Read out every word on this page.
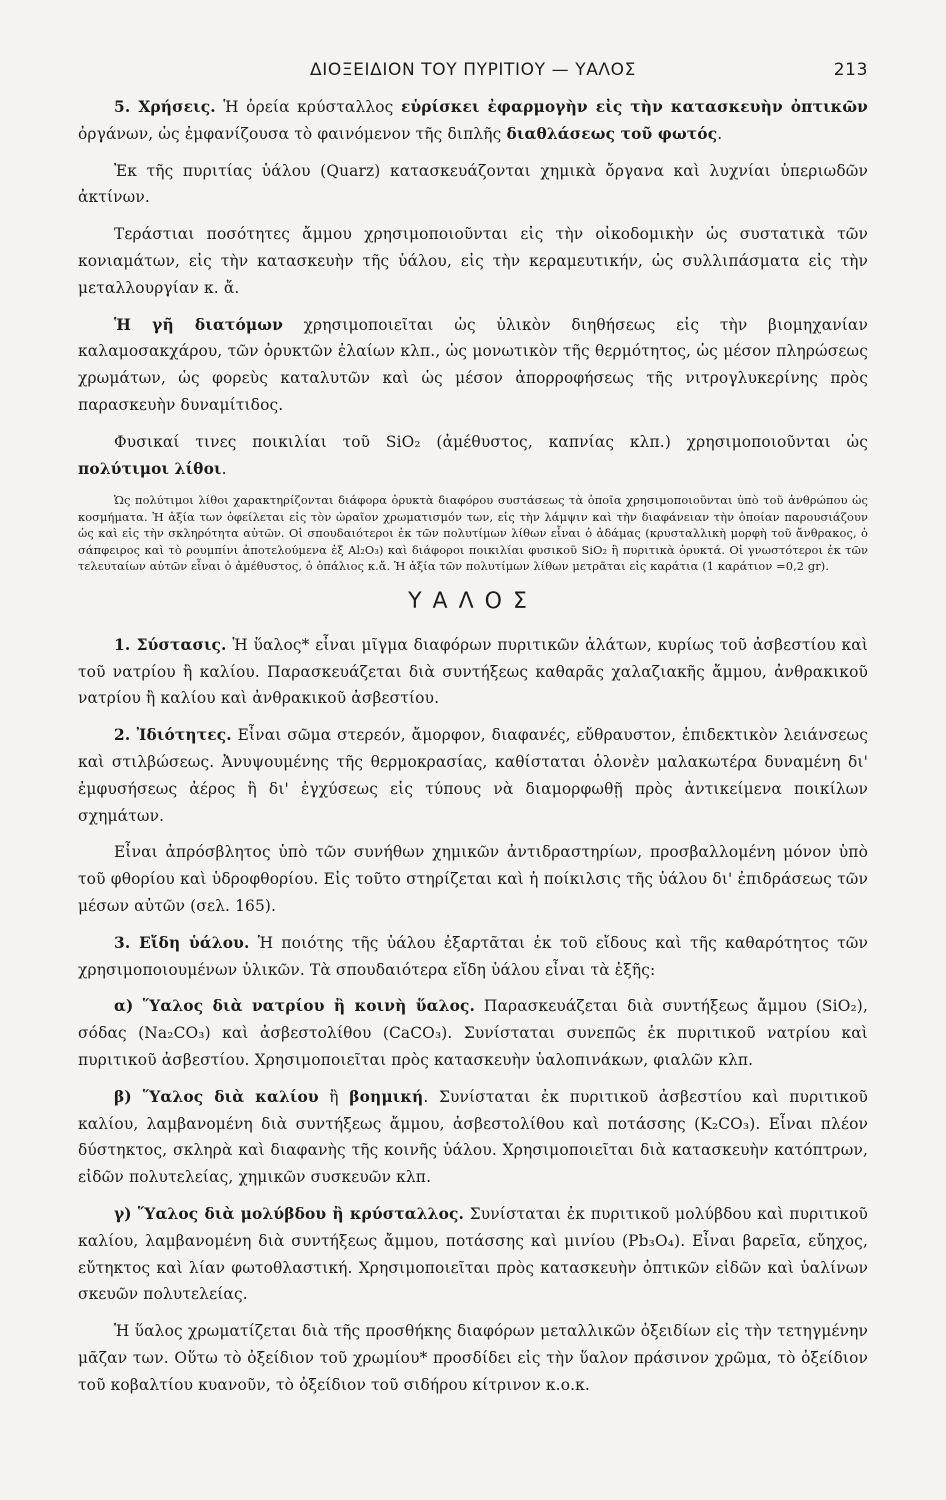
ΔΙΟΞΕΙΔΙΟΝ ΤΟΥ ΠΥΡΙΤΙΟΥ — ΥΑΛΟΣ	213

5. Χρήσεις. Ἡ ὀρεία κρύσταλλος εὑρίσκει ἐφαρμογὴν εἰς τὴν κατασκευὴν ὀπτικῶν ὀργάνων, ὡς ἐμφανίζουσα τὸ φαινόμενον τῆς διπλῆς διαθλάσεως τοῦ φωτός.

Ἐκ τῆς πυριτίας ὑάλου (Quarz) κατασκευάζονται χημικὰ ὄργανα καὶ λυχνίαι ὑπεριωδῶν ἀκτίνων.

Τεράστιαι ποσότητες ἄμμου χρησιμοποιοῦνται εἰς τὴν οἰκοδομικὴν ὡς συστατικὰ τῶν κονιαμάτων, εἰς τὴν κατασκευὴν τῆς ὑάλου, εἰς τὴν κεραμευτικήν, ὡς συλλιπάσματα εἰς τὴν μεταλλουργίαν κ. ἄ.

Ἡ γῆ διατόμων χρησιμοποιεῖται ὡς ὑλικὸν διηθήσεως εἰς τὴν βιομηχανίαν καλαμοσακχάρου, τῶν ὀρυκτῶν ἐλαίων κλπ., ὡς μονωτικὸν τῆς θερμότητος, ὡς μέσον πληρώσεως χρωμάτων, ὡς φορεὺς καταλυτῶν καὶ ὡς μέσον ἀπορροφήσεως τῆς νιτρογλυκερίνης πρὸς παρασκευὴν δυναμίτιδος.

Φυσικαί τινες ποικιλίαι τοῦ SiO₂ (ἀμέθυστος, καπνίας κλπ.) χρησιμοποιοῦνται ὡς πολύτιμοι λίθοι.

Ὡς πολύτιμοι λίθοι χαρακτηρίζονται διάφορα ὀρυκτὰ διαφόρου συστάσεως τὰ ὁποῖα χρησιμοποιοῦνται ὑπὸ τοῦ ἀνθρώπου ὡς κοσμήματα. Ἡ ἀξία των ὀφείλεται εἰς τὸν ὡραῖον χρωματισμόν των, εἰς τὴν λάμψιν καὶ τὴν διαφάνειαν τὴν ὁποίαν παρουσιάζουν ὡς καὶ εἰς τὴν σκληρότητα αὐτῶν. Οἱ σπουδαιότεροι ἐκ τῶν πολυτίμων λίθων εἶναι ὁ ἀδάμας (κρυσταλλικὴ μορφὴ τοῦ ἄνθρακος, ὁ σάπφειρος καὶ τὸ ρουμπίνι ἀποτελούμενα ἐξ Al₂O₃) καὶ διάφοροι ποικιλίαι φυσικοῦ SiO₂ ἢ πυριτικὰ ὀρυκτά. Οἱ γνωστότεροι ἐκ τῶν τελευταίων αὐτῶν εἶναι ὁ ἀμέθυστος, ὁ ὀπάλιος κ.ἄ. Ἡ ἀξία τῶν πολυτίμων λίθων μετρᾶται εἰς καράτια (1 καράτιον =0,2 gr).

ΥΑΛΟΣ

1. Σύστασις. Ἡ ὕαλος* εἶναι μῖγμα διαφόρων πυριτικῶν ἁλάτων, κυρίως τοῦ ἀσβεστίου καὶ τοῦ νατρίου ἢ καλίου. Παρασκευάζεται διὰ συντήξεως καθαρᾶς χαλαζιακῆς ἄμμου, ἀνθρακικοῦ νατρίου ἢ καλίου καὶ ἀνθρακικοῦ ἀσβεστίου.

2. Ἰδιότητες. Εἶναι σῶμα στερεόν, ἄμορφον, διαφανές, εὔθραυστον, ἐπιδεκτικὸν λειάνσεως καὶ στιλβώσεως. Ἀνυψουμένης τῆς θερμοκρασίας, καθίσταται ὁλονὲν μαλακωτέρα δυναμένη δι' ἐμφυσήσεως ἀέρος ἢ δι' ἐγχύσεως εἰς τύπους νὰ διαμορφωθῇ πρὸς ἀντικείμενα ποικίλων σχημάτων.

Εἶναι ἀπρόσβλητος ὑπὸ τῶν συνήθων χημικῶν ἀντιδραστηρίων, προσβαλλομένη μόνον ὑπὸ τοῦ φθορίου καὶ ὑδροφθορίου. Εἰς τοῦτο στηρίζεται καὶ ἡ ποίκιλσις τῆς ὑάλου δι' ἐπιδράσεως τῶν μέσων αὐτῶν (σελ. 165).

3. Εἴδη ὑάλου. Ἡ ποιότης τῆς ὑάλου ἐξαρτᾶται ἐκ τοῦ εἴδους καὶ τῆς καθαρότητος τῶν χρησιμοποιουμένων ὑλικῶν. Τὰ σπουδαιότερα εἴδη ὑάλου εἶναι τὰ ἑξῆς:

α) Ὕαλος διὰ νατρίου ἢ κοινὴ ὕαλος. Παρασκευάζεται διὰ συντήξεως ἄμμου (SiO₂), σόδας (Na₂CO₃) καὶ ἀσβεστολίθου (CaCO₃). Συνίσταται συνεπῶς ἐκ πυριτικοῦ νατρίου καὶ πυριτικοῦ ἀσβεστίου. Χρησιμοποιεῖται πρὸς κατασκευὴν ὑαλοπινάκων, φιαλῶν κλπ.

β) Ὕαλος διὰ καλίου ἢ βοημική. Συνίσταται ἐκ πυριτικοῦ ἀσβεστίου καὶ πυριτικοῦ καλίου, λαμβανομένη διὰ συντήξεως ἄμμου, ἀσβεστολίθου καὶ ποτάσσης (K₂CO₃). Εἶναι πλέον δύστηκτος, σκληρὰ καὶ διαφανὴς τῆς κοινῆς ὑάλου. Χρησιμοποιεῖται διὰ κατασκευὴν κατόπτρων, εἰδῶν πολυτελείας, χημικῶν συσκευῶν κλπ.

γ) Ὕαλος διὰ μολύβδου ἢ κρύσταλλος. Συνίσταται ἐκ πυριτικοῦ μολύβδου καὶ πυριτικοῦ καλίου, λαμβανομένη διὰ συντήξεως ἄμμου, ποτάσσης καὶ μινίου (Pb₃O₄). Εἶναι βαρεῖα, εὔηχος, εὔτηκτος καὶ λίαν φωτοθλαστική. Χρησιμοποιεῖται πρὸς κατασκευὴν ὀπτικῶν εἰδῶν καὶ ὑαλίνων σκευῶν πολυτελείας.

Ἡ ὕαλος χρωματίζεται διὰ τῆς προσθήκης διαφόρων μεταλλικῶν ὀξειδίων εἰς τὴν τετηγμένην μᾶζαν των. Οὕτω τὸ ὀξείδιον τοῦ χρωμίου* προσδίδει εἰς τὴν ὕαλον πράσινον χρῶμα, τὸ ὀξείδιον τοῦ κοβαλτίου κυανοῦν, τὸ ὀξείδιον τοῦ σιδήρου κίτρινον κ.ο.κ.
